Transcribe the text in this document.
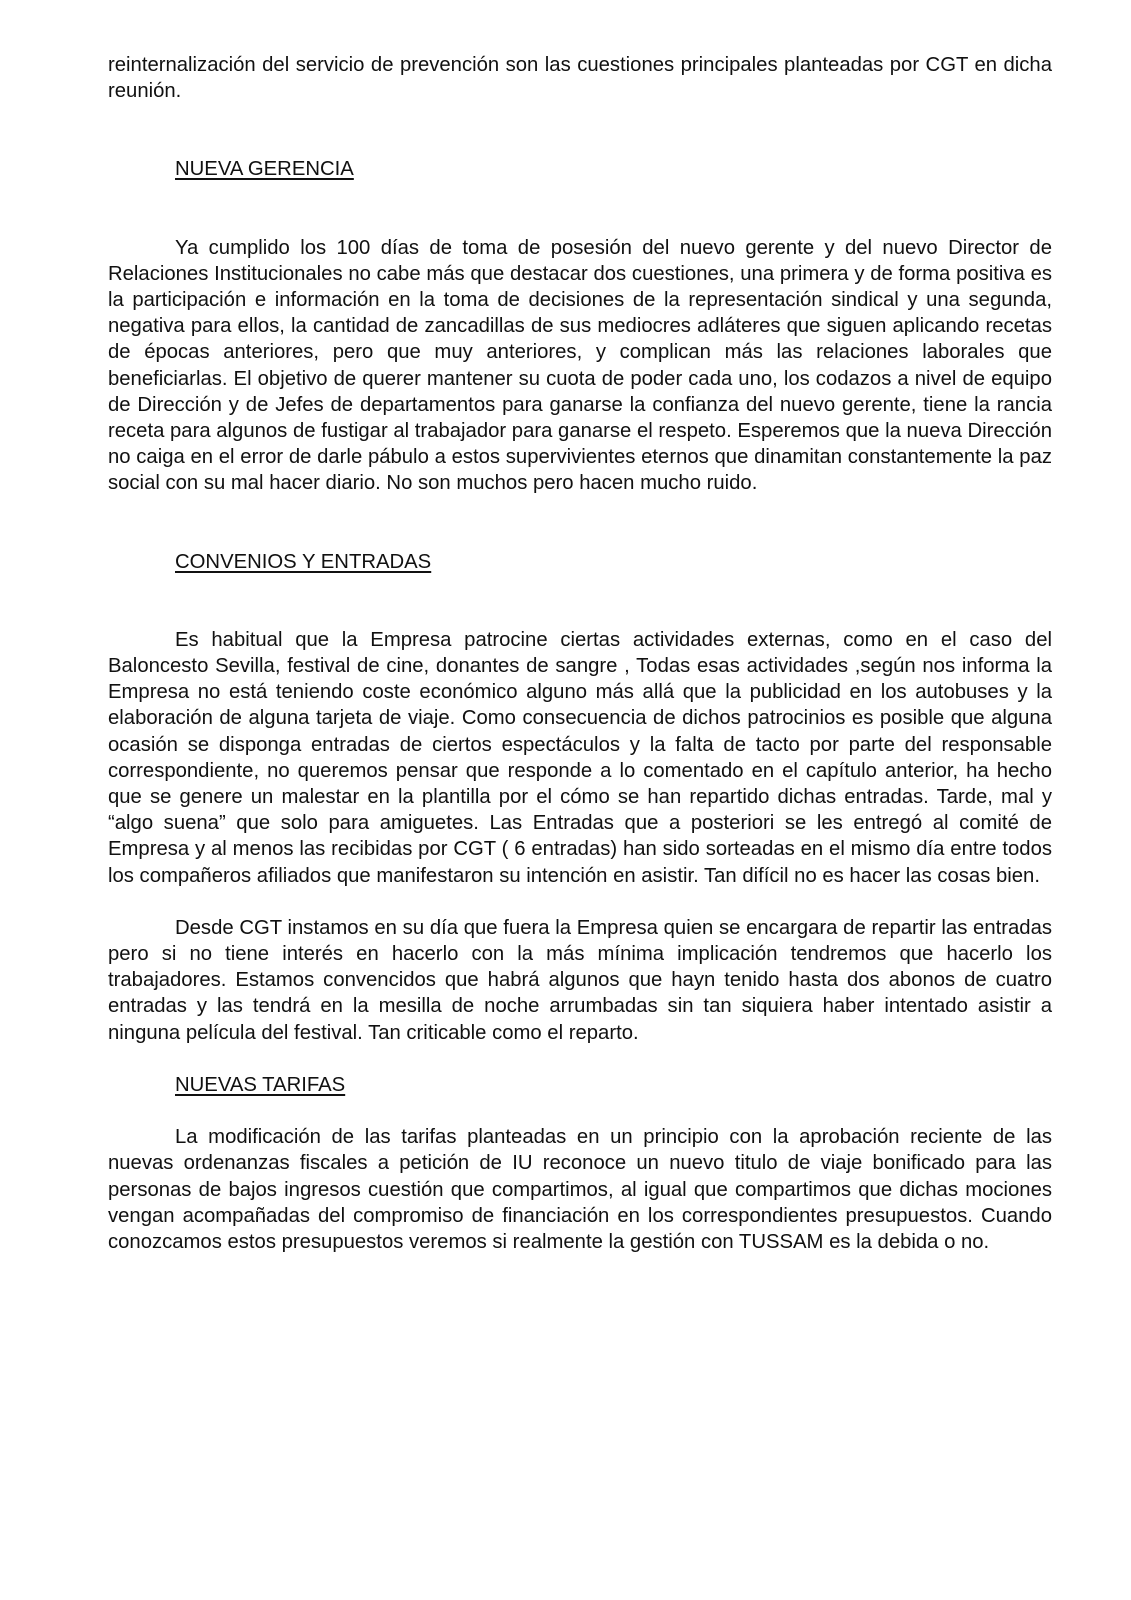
reinternalización del servicio de prevención son las cuestiones principales planteadas por CGT en dicha reunión.

NUEVA GERENCIA

Ya cumplido los 100 días de toma de posesión del nuevo gerente y del nuevo Director de Relaciones Institucionales no cabe más que destacar dos cuestiones, una primera y de forma positiva es la participación e información en la toma de decisiones de la representación sindical y una segunda, negativa para ellos, la cantidad de zancadillas de sus mediocres adláteres que siguen aplicando recetas de épocas anteriores, pero que muy anteriores, y complican más las relaciones laborales que beneficiarlas. El objetivo de querer mantener su cuota de poder cada uno, los codazos a nivel de equipo de Dirección y de Jefes de departamentos para ganarse la confianza del nuevo gerente, tiene la rancia receta para algunos de fustigar al trabajador para ganarse el respeto. Esperemos que la nueva Dirección no caiga en el error de darle pábulo a estos supervivientes eternos que dinamitan constantemente la paz social con su mal hacer diario. No son muchos pero hacen mucho ruido.

CONVENIOS Y ENTRADAS

Es habitual que la Empresa patrocine ciertas actividades externas, como en el caso del Baloncesto Sevilla, festival de cine, donantes de sangre , Todas esas actividades ,según nos informa la Empresa no está teniendo coste económico alguno más allá que la publicidad en los autobuses y la elaboración de alguna tarjeta de viaje. Como consecuencia de dichos patrocinios es posible que alguna ocasión se disponga entradas de ciertos espectáculos y la falta de tacto por parte del responsable correspondiente, no queremos pensar que responde a lo comentado en el capítulo anterior, ha hecho que se genere un malestar en la plantilla por el cómo se han repartido dichas entradas. Tarde, mal y “algo suena” que solo para amiguetes. Las Entradas que a posteriori se les entregó al comité de Empresa y al menos las recibidas por CGT ( 6 entradas) han sido sorteadas en el mismo día entre todos los compañeros afiliados que manifestaron su intención en asistir. Tan difícil no es hacer las cosas bien.

Desde CGT instamos en su día que fuera la Empresa quien se encargara de repartir las entradas pero si no tiene interés en hacerlo con la más mínima implicación tendremos que hacerlo los trabajadores. Estamos convencidos que habrá algunos que hayn tenido hasta dos abonos de cuatro entradas y las tendrá en la mesilla de noche arrumbadas sin tan siquiera haber intentado asistir a ninguna película del festival. Tan criticable como el reparto.

NUEVAS TARIFAS

La modificación de las tarifas planteadas en un principio con la aprobación reciente de las nuevas ordenanzas fiscales a petición de IU reconoce un nuevo titulo de viaje bonificado para las personas de bajos ingresos cuestión que compartimos, al igual que compartimos que dichas mociones vengan acompañadas del compromiso de financiación en los correspondientes presupuestos. Cuando conozcamos estos presupuestos veremos si realmente la gestión con TUSSAM es la debida o no.
